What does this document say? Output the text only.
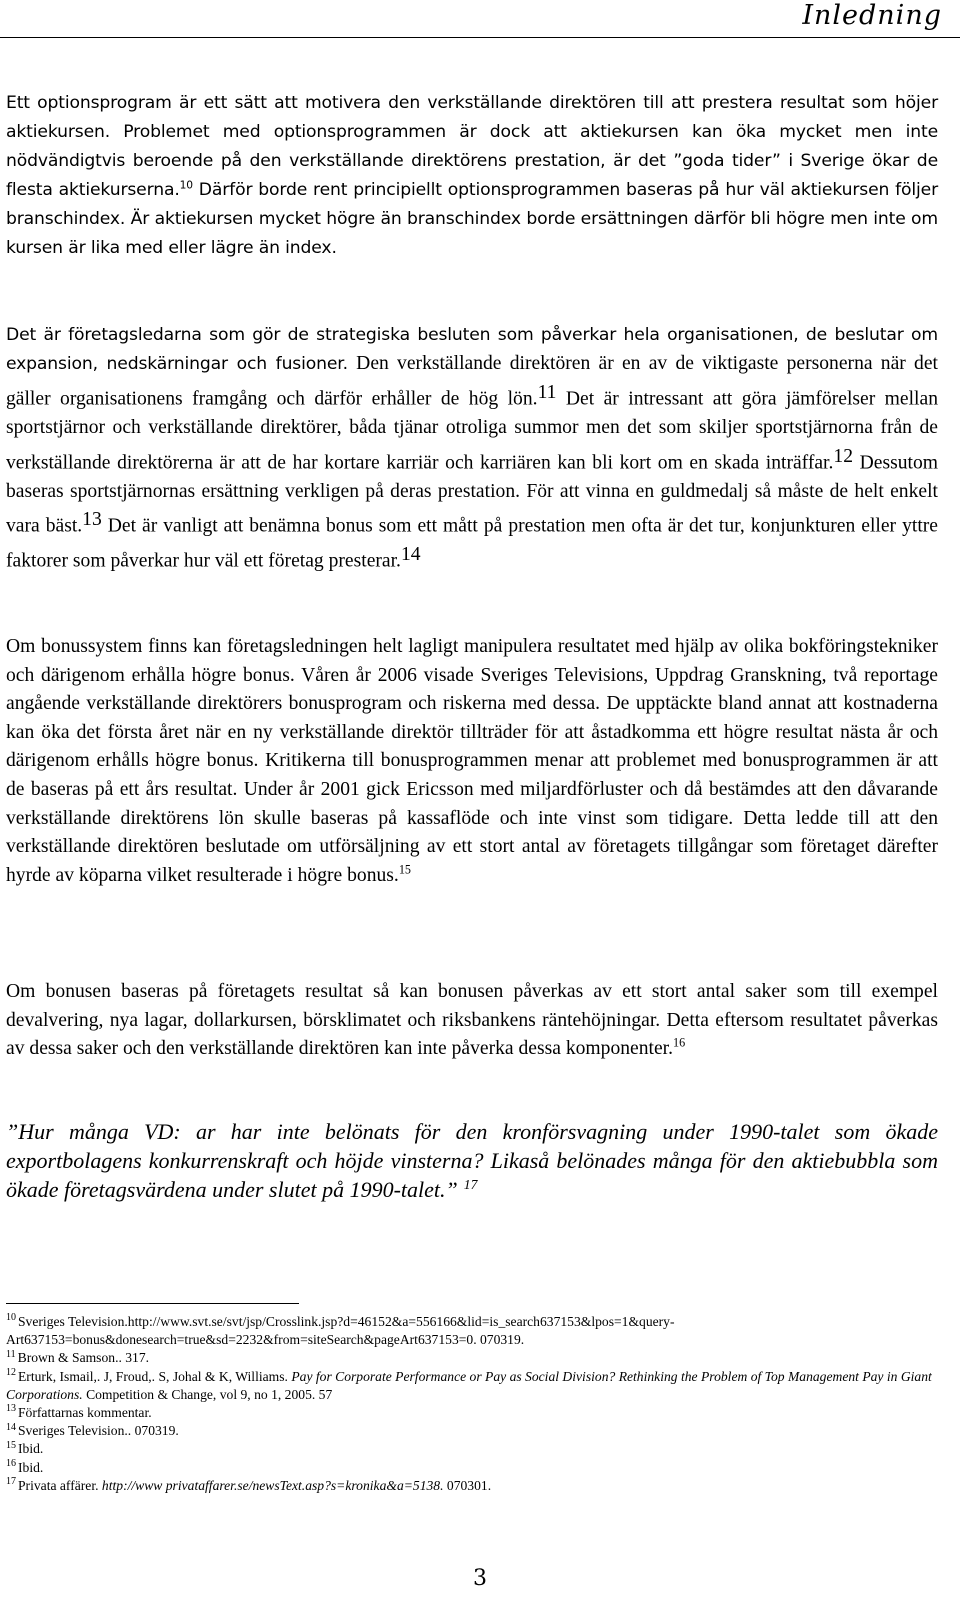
Inledning

Ett optionsprogram är ett sätt att motivera den verkställande direktören till att prestera resultat som höjer aktiekursen. Problemet med optionsprogrammen är dock att aktiekursen kan öka mycket men inte nödvändigtvis beroende på den verkställande direktörens prestation, är det ”goda tider” i Sverige ökar de flesta aktiekurserna.$^{10}$ Därför borde rent principiellt optionsprogrammen baseras på hur väl aktiekursen följer branschindex. Är aktiekursen mycket högre än branschindex borde ersättningen därför bli högre men inte om kursen är lika med eller lägre än index.

Det är företagsledarna som gör de strategiska besluten som påverkar hela organisationen, de beslutar om expansion, nedskärningar och fusioner. Den verkställande direktören är en av de viktigaste personerna när det gäller organisationens framgång och därför erhåller de hög lön.$^{11}$ Det är intressant att göra jämförelser mellan sportstjärnor och verkställande direktörer, båda tjänar otroliga summor men det som skiljer sportstjärnorna från de verkställande direktörerna är att de har kortare karriär och karriären kan bli kort om en skada inträffar.$^{12}$ Dessutom baseras sportstjärnornas ersättning verkligen på deras prestation. För att vinna en guldmedalj så måste de helt enkelt vara bäst.$^{13}$ Det är vanligt att benämna bonus som ett mått på prestation men ofta är det tur, konjunkturen eller yttre faktorer som påverkar hur väl ett företag presterar.$^{14}$

Om bonussystem finns kan företagsledningen helt lagligt manipulera resultatet med hjälp av olika bokföringstekniker och därigenom erhålla högre bonus. Våren år 2006 visade Sveriges Televisions, Uppdrag Granskning, två reportage angående verkställande direktörers bonusprogram och riskerna med dessa. De upptäckte bland annat att kostnaderna kan öka det första året när en ny verkställande direktör tillträder för att åstadkomma ett högre resultat nästa år och därigenom erhålls högre bonus. Kritikerna till bonusprogrammen menar att problemet med bonusprogrammen är att de baseras på ett års resultat. Under år 2001 gick Ericsson med miljardförluster och då bestämdes att den dåvarande verkställande direktörens lön skulle baseras på kassaflöde och inte vinst som tidigare. Detta ledde till att den verkställande direktören beslutade om utförsäljning av ett stort antal av företagets tillgångar som företaget därefter hyrde av köparna vilket resulterade i högre bonus.$^{15}$

Om bonusen baseras på företagets resultat så kan bonusen påverkas av ett stort antal saker som till exempel devalvering, nya lagar, dollarkursen, börsklimatet och riksbankens räntehöjningar. Detta eftersom resultatet påverkas av dessa saker och den verkställande direktören kan inte påverka dessa komponenter.$^{16}$

”Hur många VD: ar har inte belönats för den kronförsvagning under 1990-talet som ökade exportbolagens konkurrenskraft och höjde vinsterna? Likaså belönades många för den aktiebubbla som ökade företagsvärdena under slutet på 1990-talet.” $^{17}$

$^{10}$ Sveriges Television.http://www.svt.se/svt/jsp/Crosslink.jsp?d=46152&a=556166&lid=is_search637153&lpos=1&query-Art637153=bonus&donesearch=true&sd=2232&from=siteSearch&pageArt637153=0. 070319.

$^{11}$ Brown & Samson.. 317.

$^{12}$ Erturk, Ismail,. J, Froud,. S, Johal & K, Williams. Pay for Corporate Performance or Pay as Social Division? Rethinking the Problem of Top Management Pay in Giant Corporations. Competition & Change, vol 9, no 1, 2005. 57

$^{13}$ Författarnas kommentar.

$^{14}$ Sveriges Television.. 070319.

$^{15}$ Ibid.

$^{16}$ Ibid.

$^{17}$ Privata affärer. http://www privataffarer.se/newsText.asp?s=kronika&a=5138. 070301.

3
